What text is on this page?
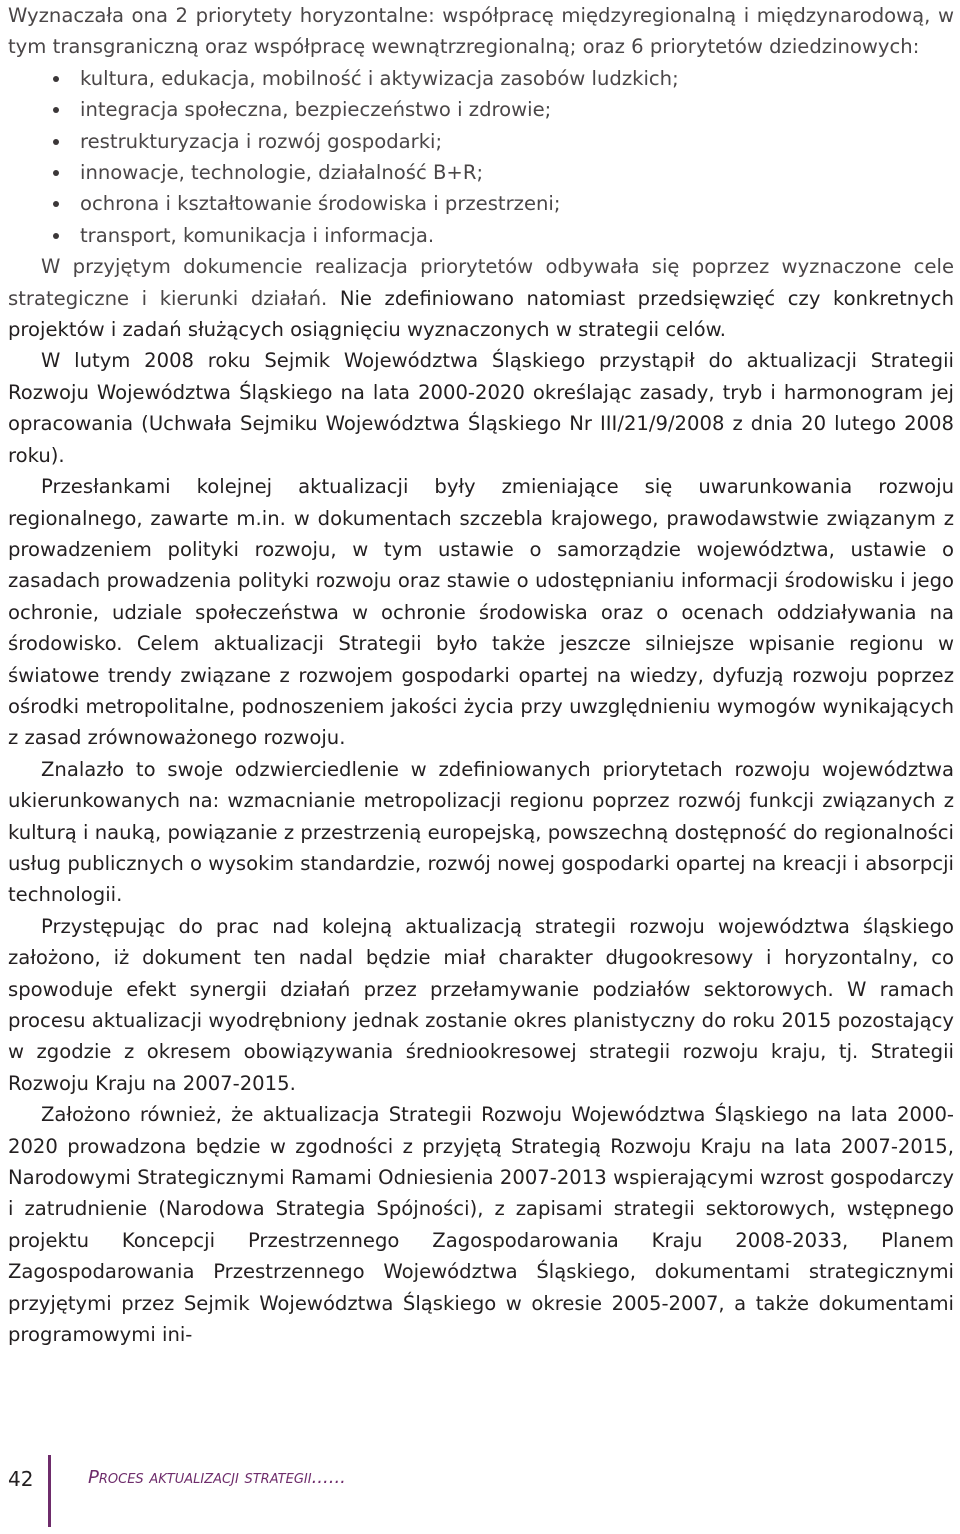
Wyznaczała ona 2 priorytety horyzontalne: współpracę międzyregionalną i międzynarodową, w tym transgraniczną oraz współpracę wewnątrzregionalną; oraz 6 priorytetów dziedzinowych:

kultura, edukacja, mobilność i aktywizacja zasobów ludzkich;
integracja społeczna, bezpieczeństwo i zdrowie;
restrukturyzacja i rozwój gospodarki;
innowacje, technologie, działalność B+R;
ochrona i kształtowanie środowiska i przestrzeni;
transport, komunikacja i informacja.

W przyjętym dokumencie realizacja priorytetów odbywała się poprzez wyznaczone cele strategiczne i kierunki działań. Nie zdefiniowano natomiast przedsięwzięć czy konkretnych projektów i zadań służących osiągnięciu wyznaczonych w strategii celów.

W lutym 2008 roku Sejmik Województwa Śląskiego przystąpił do aktualizacji Strategii Rozwoju Województwa Śląskiego na lata 2000-2020 określając zasady, tryb i harmonogram jej opracowania (Uchwała Sejmiku Województwa Śląskiego Nr III/21/9/2008 z dnia 20 lutego 2008 roku).

Przesłankami kolejnej aktualizacji były zmieniające się uwarunkowania rozwoju regionalnego, zawarte m.in. w dokumentach szczebla krajowego, prawodawstwie związanym z prowadzeniem polityki rozwoju, w tym ustawie o samorządzie województwa, ustawie o zasadach prowadzenia polityki rozwoju oraz stawie o udostępnianiu informacji środowisku i jego ochronie, udziale społeczeństwa w ochronie środowiska oraz o ocenach oddziaływania na środowisko. Celem aktualizacji Strategii było także jeszcze silniejsze wpisanie regionu w światowe trendy związane z rozwojem gospodarki opartej na wiedzy, dyfuzją rozwoju poprzez ośrodki metropolitalne, podnoszeniem jakości życia przy uwzględnieniu wymogów wynikających z zasad zrównoważonego rozwoju.

Znalazło to swoje odzwierciedlenie w zdefiniowanych priorytetach rozwoju województwa ukierunkowanych na: wzmacnianie metropolizacji regionu poprzez rozwój funkcji związanych z kulturą i nauką, powiązanie z przestrzenią europejską, powszechną dostępność do regionalności usług publicznych o wysokim standardzie, rozwój nowej gospodarki opartej na kreacji i absorpcji technologii.

Przystępując do prac nad kolejną aktualizacją strategii rozwoju województwa śląskiego założono, iż dokument ten nadal będzie miał charakter długookresowy i horyzontalny, co spowoduje efekt synergii działań przez przełamywanie podziałów sektorowych. W ramach procesu aktualizacji wyodrębniony jednak zostanie okres planistyczny do roku 2015 pozostający w zgodzie z okresem obowiązywania średniookresowej strategii rozwoju kraju, tj. Strategii Rozwoju Kraju na 2007-2015.

Założono również, że aktualizacja Strategii Rozwoju Województwa Śląskiego na lata 2000-2020 prowadzona będzie w zgodności z przyjętą Strategią Rozwoju Kraju na lata 2007-2015, Narodowymi Strategicznymi Ramami Odniesienia 2007-2013 wspierającymi wzrost gospodarczy i zatrudnienie (Narodowa Strategia Spójności), z zapisami strategii sektorowych, wstępnego projektu Koncepcji Przestrzennego Zagospodarowania Kraju 2008-2033, Planem Zagospodarowania Przestrzennego Województwa Śląskiego, dokumentami strategicznymi przyjętymi przez Sejmik Województwa Śląskiego w okresie 2005-2007, a także dokumentami programowymi ini-

42	Proces aktualizacji strategii......
